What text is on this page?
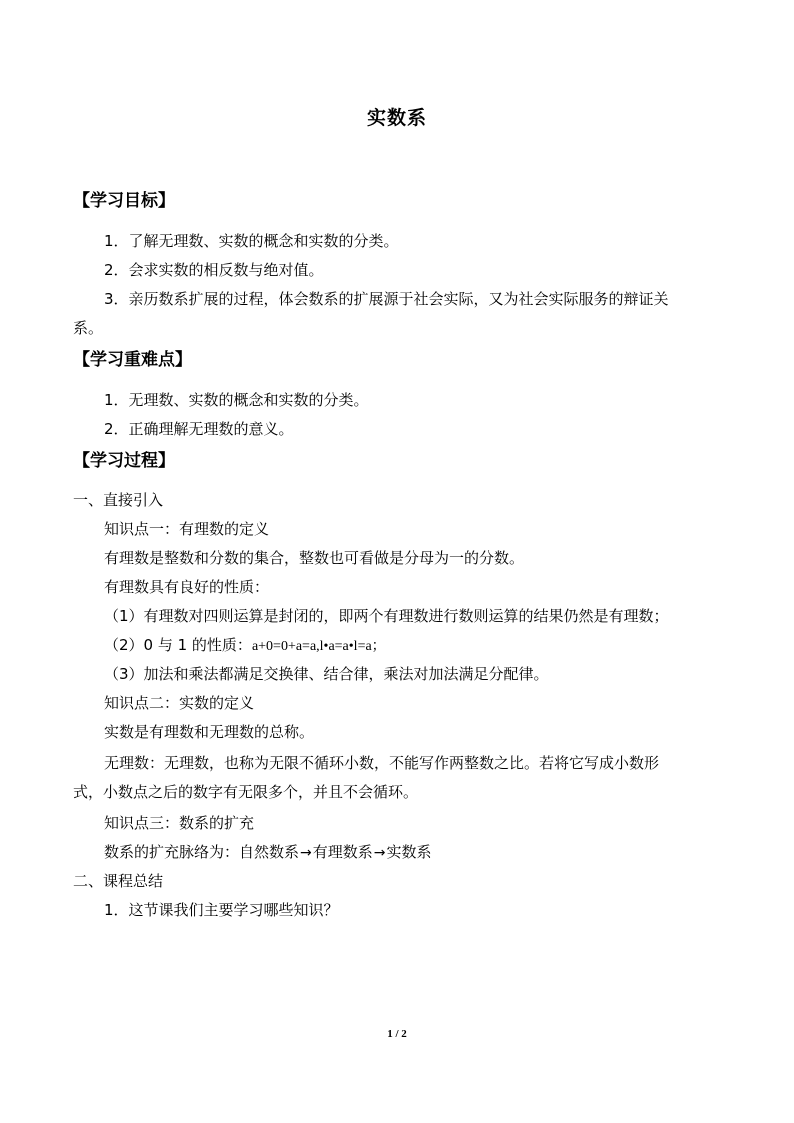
实数系
【学习目标】
1．了解无理数、实数的概念和实数的分类。
2．会求实数的相反数与绝对值。
3．亲历数系扩展的过程，体会数系的扩展源于社会实际，又为社会实际服务的辩证关
系。
【学习重难点】
1．无理数、实数的概念和实数的分类。
2．正确理解无理数的意义。
【学习过程】
一、直接引入
知识点一：有理数的定义
有理数是整数和分数的集合，整数也可看做是分母为一的分数。
有理数具有良好的性质：
（1）有理数对四则运算是封闭的，即两个有理数进行数则运算的结果仍然是有理数；
（2）0 与 1 的性质：a+0=0+a=a,l•a=a•l=a；
（3）加法和乘法都满足交换律、结合律，乘法对加法满足分配律。
知识点二：实数的定义
实数是有理数和无理数的总称。
无理数：无理数，也称为无限不循环小数，不能写作两整数之比。若将它写成小数形
式，小数点之后的数字有无限多个，并且不会循环。
知识点三：数系的扩充
数系的扩充脉络为：自然数系→有理数系→实数系
二、课程总结
1．这节课我们主要学习哪些知识？
1 / 2
